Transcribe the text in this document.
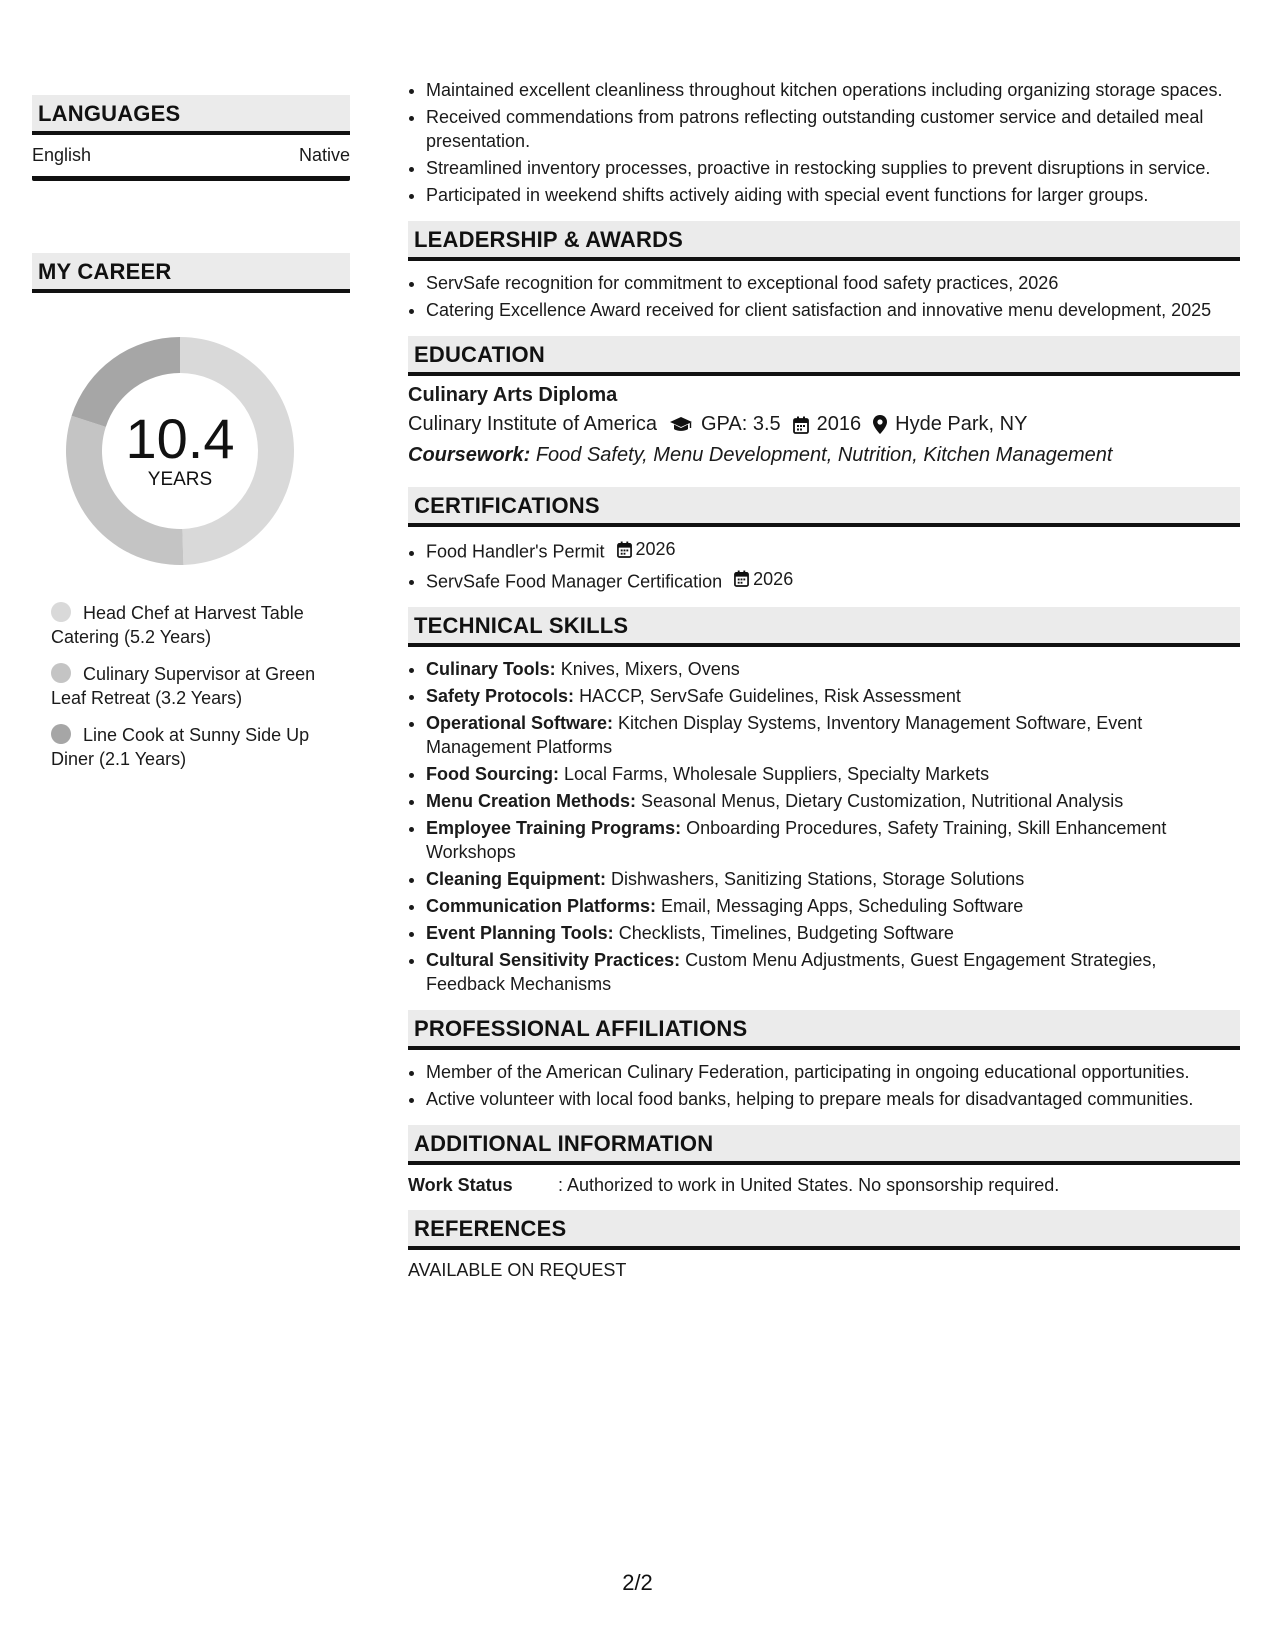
LANGUAGES
English	Native
MY CAREER
10.4
YEARS
Head Chef at Harvest Table Catering (5.2 Years)
Culinary Supervisor at Green Leaf Retreat (3.2 Years)
Line Cook at Sunny Side Up Diner (2.1 Years)
• Maintained excellent cleanliness throughout kitchen operations including organizing storage spaces.
• Received commendations from patrons reflecting outstanding customer service and detailed meal presentation.
• Streamlined inventory processes, proactive in restocking supplies to prevent disruptions in service.
• Participated in weekend shifts actively aiding with special event functions for larger groups.
LEADERSHIP & AWARDS
• ServSafe recognition for commitment to exceptional food safety practices, 2026
• Catering Excellence Award received for client satisfaction and innovative menu development, 2025
EDUCATION
Culinary Arts Diploma
Culinary Institute of America GPA: 3.5 2016 Hyde Park, NY
Coursework: Food Safety, Menu Development, Nutrition, Kitchen Management
CERTIFICATIONS
• Food Handler's Permit 2026
• ServSafe Food Manager Certification 2026
TECHNICAL SKILLS
• Culinary Tools: Knives, Mixers, Ovens
• Safety Protocols: HACCP, ServSafe Guidelines, Risk Assessment
• Operational Software: Kitchen Display Systems, Inventory Management Software, Event Management Platforms
• Food Sourcing: Local Farms, Wholesale Suppliers, Specialty Markets
• Menu Creation Methods: Seasonal Menus, Dietary Customization, Nutritional Analysis
• Employee Training Programs: Onboarding Procedures, Safety Training, Skill Enhancement Workshops
• Cleaning Equipment: Dishwashers, Sanitizing Stations, Storage Solutions
• Communication Platforms: Email, Messaging Apps, Scheduling Software
• Event Planning Tools: Checklists, Timelines, Budgeting Software
• Cultural Sensitivity Practices: Custom Menu Adjustments, Guest Engagement Strategies, Feedback Mechanisms
PROFESSIONAL AFFILIATIONS
• Member of the American Culinary Federation, participating in ongoing educational opportunities.
• Active volunteer with local food banks, helping to prepare meals for disadvantaged communities.
ADDITIONAL INFORMATION
Work Status	: Authorized to work in United States. No sponsorship required.
REFERENCES
AVAILABLE ON REQUEST
2/2
